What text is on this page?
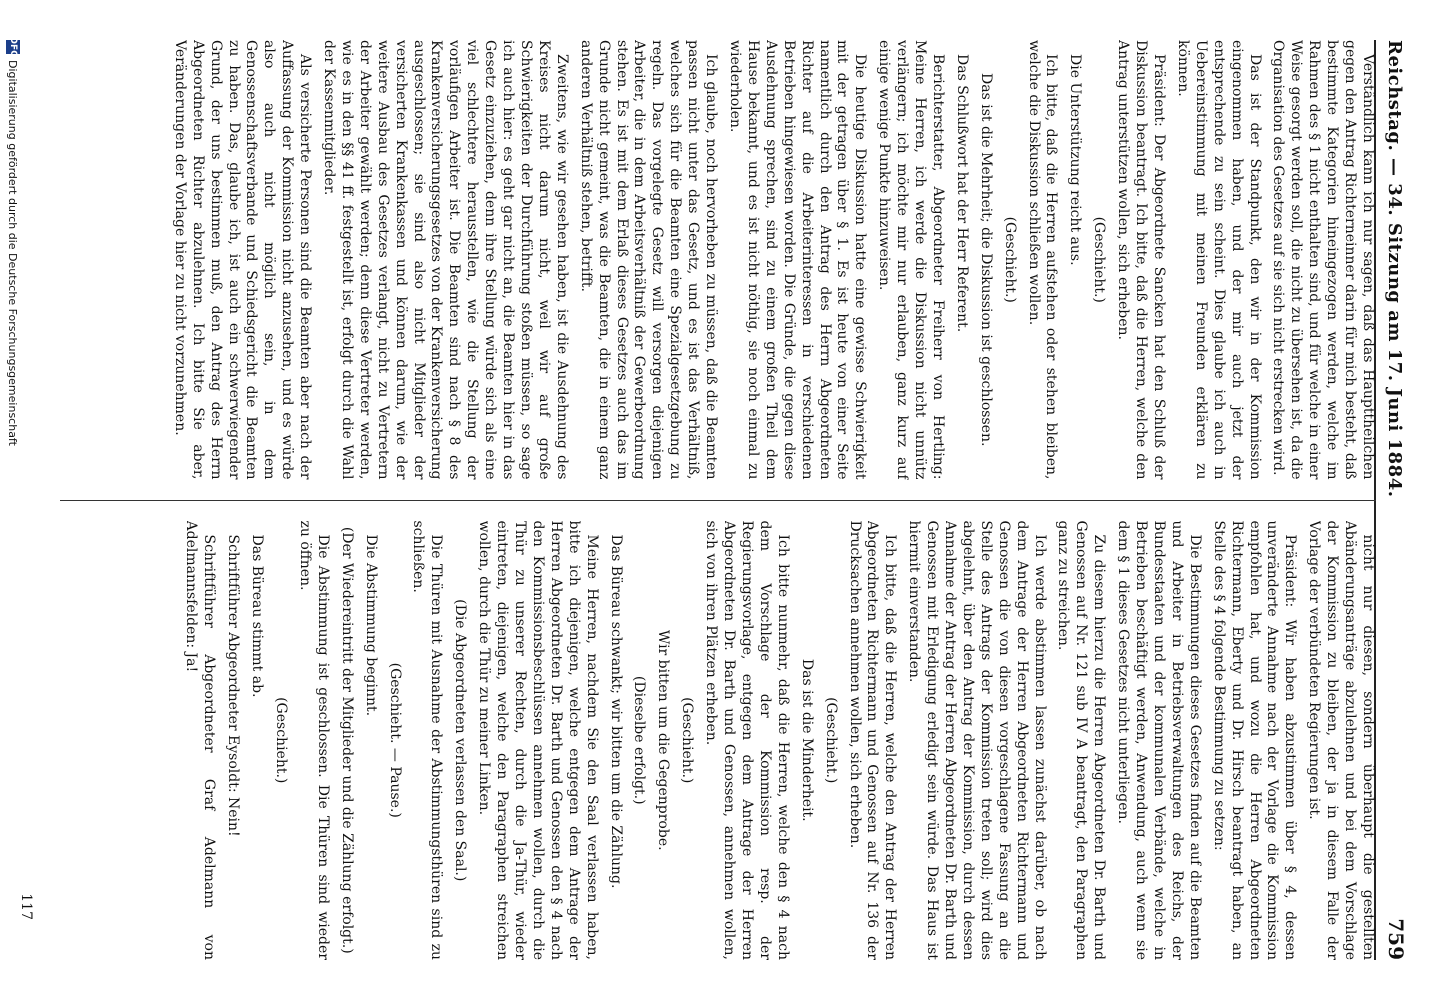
Reichstag. — 34. Sitzung am 17. Juni 1884.
759

Verständlich kann ich nur sagen, daß das Haupttheilchen gegen den Antrag Richterneinner darin für mich besteht, daß bestimmte Kategorien hineingezogen werden, welche im Rahmen des § 1 nicht enthalten sind, und für welche in einer Weise gesorgt werden soll, die nicht zu übersehen ist, da die Organisation des Gesetzes auf sie sich nicht erstrecken wird.

Das ist der Standpunkt, den wir in der Kommission eingenommen haben, und der mir auch jetzt der entsprechende zu sein scheint. Dies glaube ich auch in Uebereinstimmung mit meinen Freunden erklären zu können.

Präsident: Der Abgeordnete Sancken hat den Schluß der Diskussion beantragt. Ich bitte, daß die Herren, welche den Antrag unterstützen wollen, sich erheben.

(Geschieht.)

Die Unterstützung reicht aus.

Ich bitte, daß die Herren aufstehen oder stehen bleiben, welche die Diskussion schließen wollen.

(Geschieht.)

Das ist die Mehrheit; die Diskussion ist geschlossen.

Das Schlußwort hat der Herr Referent.

Berichterstatter, Abgeordneter Freiherr von Hertling: Meine Herren, ich werde die Diskussion nicht unnütz verlängern; ich möchte mir nur erlauben, ganz kurz auf einige wenige Punkte hinzuweisen.

Die heutige Diskussion hatte eine gewisse Schwierigkeit mit der getragen über § 1. Es ist heute von einer Seite namentlich durch den Antrag des Herrn Abgeordneten Richter auf die Arbeiterinteressen in verschiedenen Betrieben hingewiesen worden. Die Gründe, die gegen diese Ausdehnung sprechen, sind zu einem großen Theil dem Hause bekannt, und es ist nicht nöthig, sie noch einmal zu wiederholen.

Ich glaube, noch hervorheben zu müssen, daß die Beamten passen nicht unter das Gesetz, und es ist das Verhältniß, welches sich für die Beamten eine Spezialgesetzgebung zu regeln. Das vorgelegte Gesetz will versorgen diejenigen Arbeiter, die in dem Arbeitsverhältniß der Gewerbeordnung stehen. Es ist mit dem Erlaß dieses Gesetzes auch das im Grunde nicht gemeint, was die Beamten, die in einem ganz anderen Verhältniß stehen, betrifft.

Zweitens, wie wir gesehen haben, ist die Ausdehnung des Kreises nicht darum nicht, weil wir auf große Schwierigkeiten der Durchführung stoßen müssen, so sage ich auch hier: es geht gar nicht an, die Beamten hier in das Gesetz einzuziehen, denn ihre Stellung würde sich als eine viel schlechtere herausstellen, wie die Stellung der vorläufigen Arbeiter ist. Die Beamten sind nach § 8 des Krankenversicherungsgesetzes von der Krankenversicherung ausgeschlossen; sie sind also nicht Mitglieder der versicherten Krankenkassen und können darum, wie der weitere Ausbau des Gesetzes verlangt, nicht zu Vertretern der Arbeiter gewählt werden; denn diese Vertreter werden, wie es in den §§ 41 ff. festgestellt ist, erfolgt durch die Wahl der Kassenmitglieder.

Als versicherte Personen sind die Beamten aber nach der Auffassung der Kommission nicht anzusehen, und es würde also auch nicht möglich sein, in dem Genossenschaftsverbande und Schiedsgericht die Beamten zu haben. Das, glaube ich, ist auch ein schwerwiegender Grund, der uns bestimmen muß, den Antrag des Herrn Abgeordneten Richter abzulehnen. Ich bitte Sie aber, Veränderungen der Vorlage hier zu nicht vorzunehmen.

nicht nur diesen, sondern überhaupt die gestellten Abänderungsanträge abzulehnen und bei dem Vorschlage der Kommission zu bleiben, der ja in diesem Falle der Vorlage der verbündeten Regierungen ist.

Präsident: Wir haben abzustimmen über § 4, dessen unveränderte Annahme nach der Vorlage die Kommission empfohlen hat, und wozu die Herren Abgeordneten Richtermann, Eberty und Dr. Hirsch beantragt haben, an Stelle des § 4 folgende Bestimmung zu setzen:

Die Bestimmungen dieses Gesetzes finden auf die Beamten und Arbeiter in Betriebsverwaltungen des Reichs, der Bundesstaaten und der kommunalen Verbände, welche in Betrieben beschäftigt werden, Anwendung, auch wenn sie dem § 1 dieses Gesetzes nicht unterliegen.

Zu diesem hierzu die Herren Abgeordneten Dr. Barth und Genossen auf Nr. 121 sub IV A beantragt, den Paragraphen ganz zu streichen.

Ich werde abstimmen lassen zunächst darüber, ob nach dem Antrage der Herren Abgeordneten Richtermann und Genossen die von diesen vorgeschlagene Fassung an die Stelle des Antrags der Kommission treten soll; wird dies abgelehnt, über den Antrag der Kommission, durch dessen Annahme der Antrag der Herren Abgeordneten Dr. Barth und Genossen mit Erledigung erledigt sein würde. Das Haus ist hiermit einverstanden.

Ich bitte, daß die Herren, welche den Antrag der Herren Abgeordneten Richtermann und Genossen auf Nr. 136 der Drucksachen annehmen wollen, sich erheben.

(Geschieht.)

Das ist die Minderheit.

Ich bitte nunmehr, daß die Herren, welche den § 4 nach dem Vorschlage der Kommission resp. der Regierungsvorlage, entgegen dem Antrage der Herren Abgeordneten Dr. Barth und Genossen, annehmen wollen, sich von ihren Plätzen erheben.

(Geschieht.)

Wir bitten um die Gegenprobe.

(Dieselbe erfolgt.)

Das Büreau schwankt; wir bitten um die Zählung.

Meine Herren, nachdem Sie den Saal verlassen haben, bitte ich diejenigen, welche entgegen dem Antrage der Herren Abgeordneten Dr. Barth und Genossen den § 4 nach den Kommissionsbeschlüssen annehmen wollen, durch die Thür zu unserer Rechten, durch die Ja-Thür, wieder eintreten, diejenigen, welche den Paragraphen streichen wollen, durch die Thür zu meiner Linken.

(Die Abgeordneten verlassen den Saal.)

Die Thüren mit Ausnahme der Abstimmungsthüren sind zu schließen.

(Geschieht. — Pause.)

Die Abstimmung beginnt.

(Der Wiedereintritt der Mitglieder und die Zählung erfolgt.)

Die Abstimmung ist geschlossen. Die Thüren sind wieder zu öffnen.

(Geschieht.)

Das Büreau stimmt ab.

Schriftführer Abgeordneter Eysoldt: Nein!

Schriftführer Abgeordneter Graf Adelmann von Adelmannsfelden: Ja!

117
DFG
Digitalisierung gefördert durch die Deutsche Forschungsgemeinschaft
